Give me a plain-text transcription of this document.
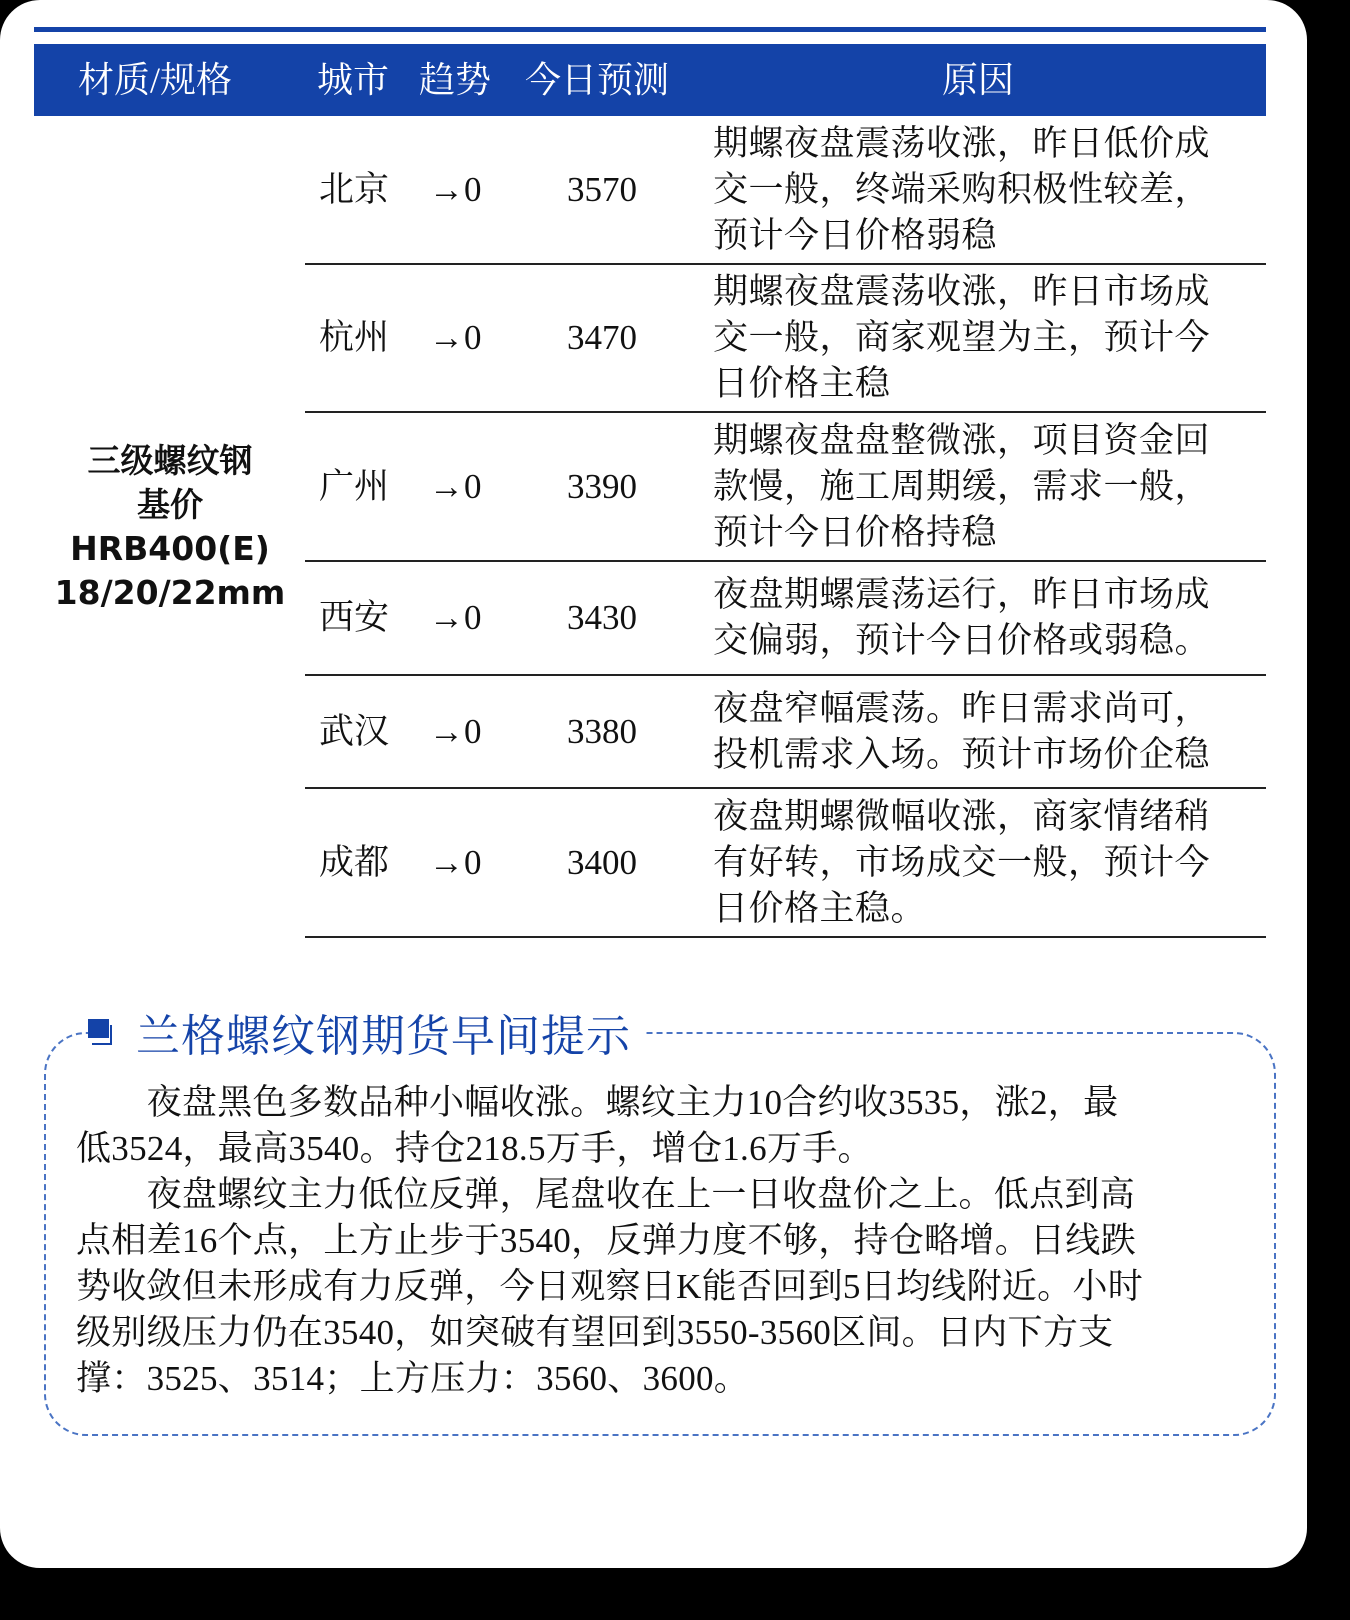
材质/规格 城市 趋势 今日预测	原因
三级螺纹钢
基价
HRB400(E)
18/20/22mm
北京 →0 3570
期螺夜盘震荡收涨，昨日低价成
交一般，终端采购积极性较差，
预计今日价格弱稳
杭州 →0 3470
期螺夜盘震荡收涨，昨日市场成
交一般，商家观望为主，预计今
日价格主稳
广州 →0 3390
期螺夜盘盘整微涨，项目资金回
款慢，施工周期缓，需求一般，
预计今日价格持稳
西安 →0 3430
夜盘期螺震荡运行，昨日市场成
交偏弱，预计今日价格或弱稳。
武汉 →0 3380
夜盘窄幅震荡。昨日需求尚可，
投机需求入场。预计市场价企稳
成都 →0 3400
夜盘期螺微幅收涨，商家情绪稍
有好转，市场成交一般，预计今
日价格主稳。
兰格螺纹钢期货早间提示
　　夜盘黑色多数品种小幅收涨。螺纹主力10合约收3535，涨2，最
低3524，最高3540。持仓218.5万手，增仓1.6万手。
　　夜盘螺纹主力低位反弹，尾盘收在上一日收盘价之上。低点到高
点相差16个点，上方止步于3540，反弹力度不够，持仓略增。日线跌
势收敛但未形成有力反弹，今日观察日K能否回到5日均线附近。小时
级别级压力仍在3540，如突破有望回到3550-3560区间。日内下方支
撑：3525、3514；上方压力：3560、3600。
